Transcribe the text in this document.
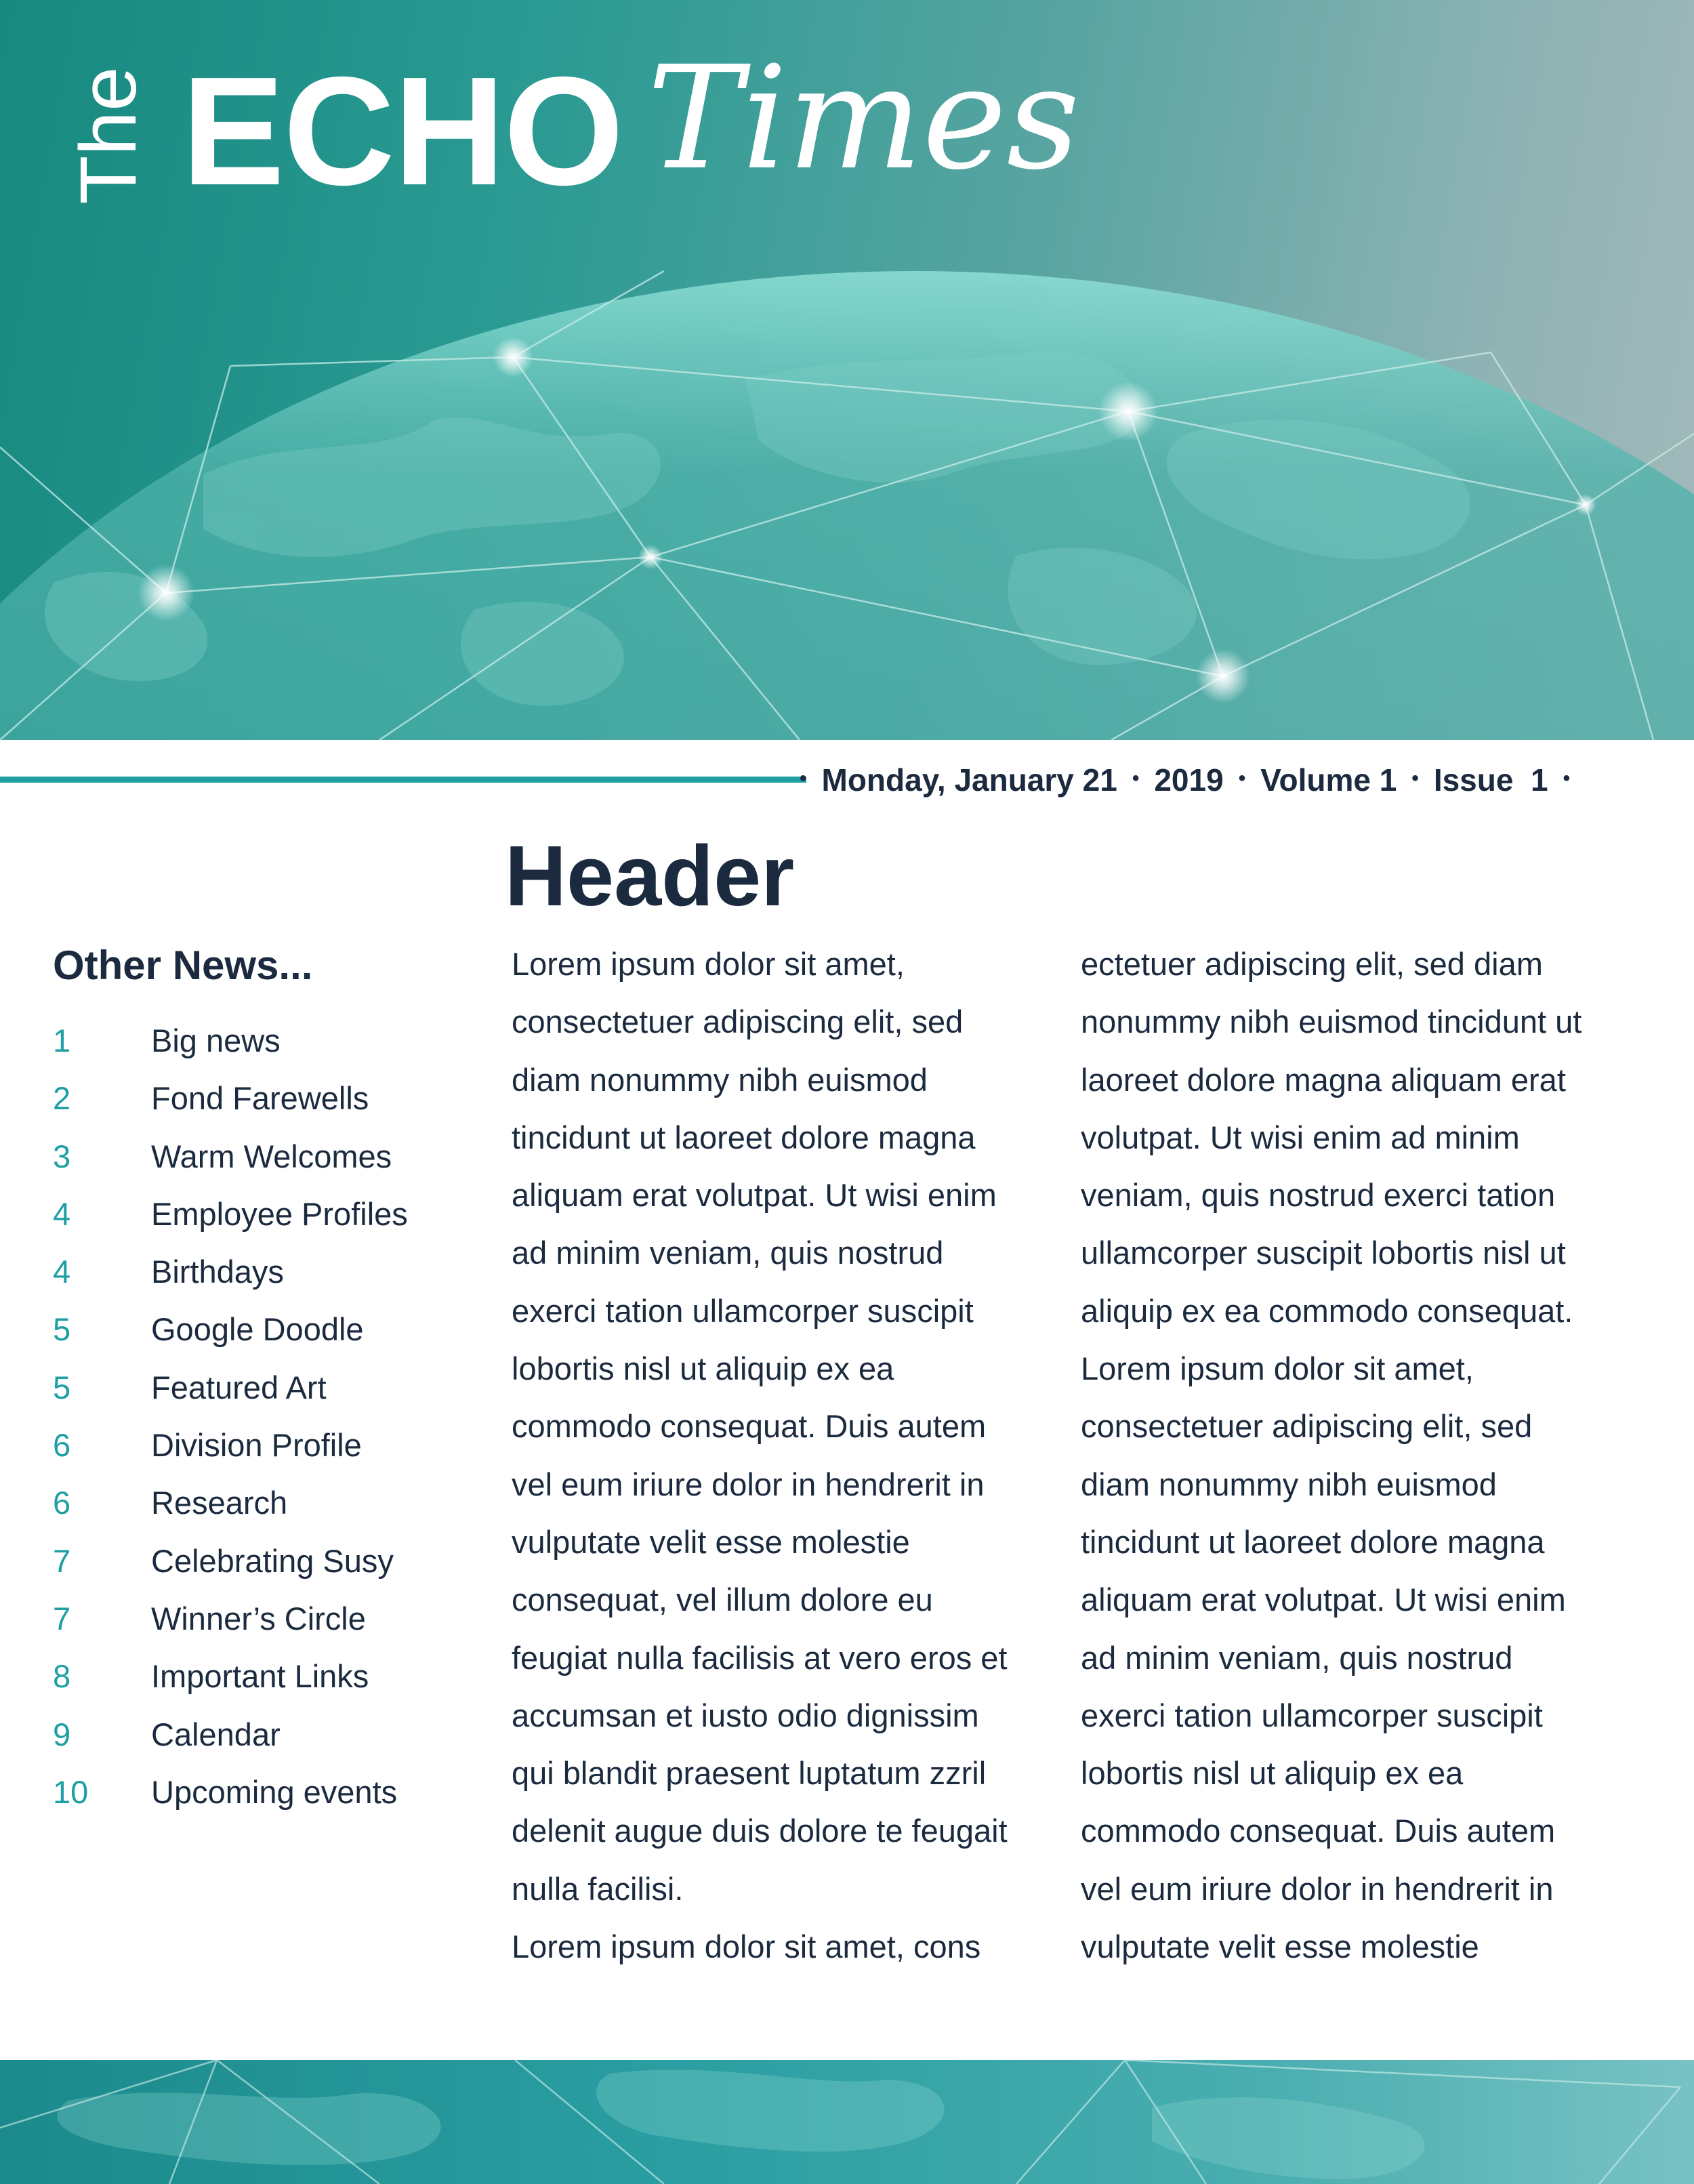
The ECHO Times
• Monday, January 21 • 2019 • Volume 1 • Issue  1 •
Other News...
1	Big news
2	Fond Farewells
3	Warm Welcomes
4	Employee Profiles
4	Birthdays
5	Google Doodle
5	Featured Art
6	Division Profile
6	Research
7	Celebrating Susy
7	Winner’s Circle
8	Important Links
9	Calendar
10	Upcoming events
Header
Lorem ipsum dolor sit amet,
consectetuer adipiscing elit, sed
diam nonummy nibh euismod
tincidunt ut laoreet dolore magna
aliquam erat volutpat. Ut wisi enim
ad minim veniam, quis nostrud
exerci tation ullamcorper suscipit
lobortis nisl ut aliquip ex ea
commodo consequat. Duis autem
vel eum iriure dolor in hendrerit in
vulputate velit esse molestie
consequat, vel illum dolore eu
feugiat nulla facilisis at vero eros et
accumsan et iusto odio dignissim
qui blandit praesent luptatum zzril
delenit augue duis dolore te feugait
nulla facilisi.
Lorem ipsum dolor sit amet, cons
ectetuer adipiscing elit, sed diam
nonummy nibh euismod tincidunt ut
laoreet dolore magna aliquam erat
volutpat. Ut wisi enim ad minim
veniam, quis nostrud exerci tation
ullamcorper suscipit lobortis nisl ut
aliquip ex ea commodo consequat.
Lorem ipsum dolor sit amet,
consectetuer adipiscing elit, sed
diam nonummy nibh euismod
tincidunt ut laoreet dolore magna
aliquam erat volutpat. Ut wisi enim
ad minim veniam, quis nostrud
exerci tation ullamcorper suscipit
lobortis nisl ut aliquip ex ea
commodo consequat. Duis autem
vel eum iriure dolor in hendrerit in
vulputate velit esse molestie
